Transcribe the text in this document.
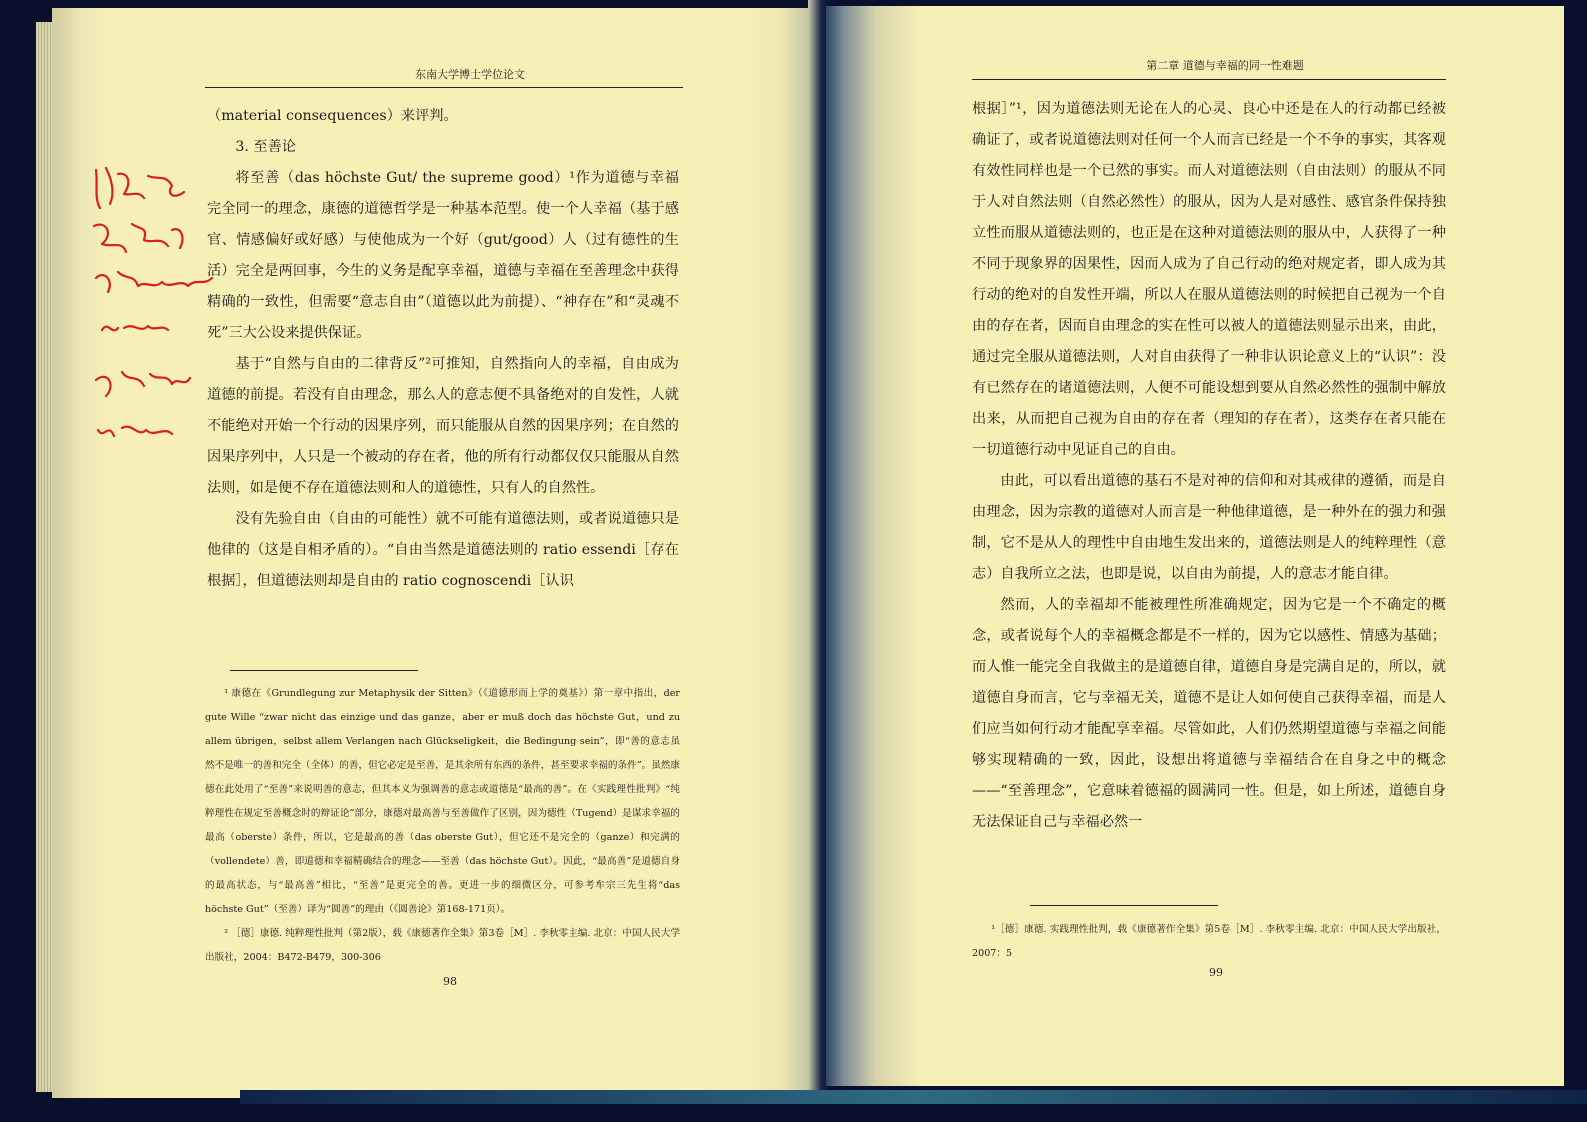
东南大学博士学位论文

（material consequences）来评判。

3. 至善论

将至善（das höchste Gut/ the supreme good）¹作为道德与幸福完全同一的理念，康德的道德哲学是一种基本范型。使一个人幸福（基于感官、情感偏好或好感）与使他成为一个好（gut/good）人（过有德性的生活）完全是两回事，今生的义务是配享幸福，道德与幸福在至善理念中获得精确的一致性，但需要“意志自由”（道德以此为前提）、“神存在”和“灵魂不死”三大公设来提供保证。

基于“自然与自由的二律背反”²可推知，自然指向人的幸福，自由成为道德的前提。若没有自由理念，那么人的意志便不具备绝对的自发性，人就不能绝对开始一个行动的因果序列，而只能服从自然的因果序列；在自然的因果序列中，人只是一个被动的存在者，他的所有行动都仅仅只能服从自然法则，如是便不存在道德法则和人的道德性，只有人的自然性。

没有先验自由（自由的可能性）就不可能有道德法则，或者说道德只是他律的（这是自相矛盾的）。“自由当然是道德法则的 ratio essendi［存在根据］，但道德法则却是自由的 ratio cognoscendi［认识

¹ 康德在《Grundlegung zur Metaphysik der Sitten》（《道德形而上学的奠基》）第一章中指出，der gute Wille “zwar nicht das einzige und das ganze，aber er muß doch das höchste Gut，und zu allem übrigen，selbst allem Verlangen nach Glückseligkeit，die Bedingung sein”，即“善的意志虽然不是唯一的善和完全（全体）的善，但它必定是至善，是其余所有东西的条件，甚至要求幸福的条件”。虽然康德在此处用了“至善”来说明善的意志，但其本义为强调善的意志或道德是“最高的善”。在《实践理性批判》“纯粹理性在规定至善概念时的辩证论”部分，康德对最高善与至善做作了区别，因为德性（Tugend）是谋求幸福的最高（oberste）条件，所以，它是最高的善（das oberste Gut），但它还不是完全的（ganze）和完满的（vollendete）善，即道德和幸福精确结合的理念——至善（das höchste Gut）。因此，“最高善”是道德自身的最高状态，与“最高善”相比，“至善”是更完全的善。更进一步的细微区分，可参考牟宗三先生将“das höchste Gut”（至善）译为“圆善”的理由（《圆善论》第168-171页）。

² ［德］康德. 纯粹理性批判（第2版），载《康德著作全集》第3卷［M］. 李秋零主编. 北京：中国人民大学出版社，2004：B472-B479，300-306

98
第二章 道德与幸福的同一性难题

根据］”¹，因为道德法则无论在人的心灵、良心中还是在人的行动都已经被确证了，或者说道德法则对任何一个人而言已经是一个不争的事实，其客观有效性同样也是一个已然的事实。而人对道德法则（自由法则）的服从不同于人对自然法则（自然必然性）的服从，因为人是对感性、感官条件保持独立性而服从道德法则的，也正是在这种对道德法则的服从中，人获得了一种不同于现象界的因果性，因而人成为了自己行动的绝对规定者，即人成为其行动的绝对的自发性开端，所以人在服从道德法则的时候把自己视为一个自由的存在者，因而自由理念的实在性可以被人的道德法则显示出来，由此，通过完全服从道德法则，人对自由获得了一种非认识论意义上的“认识”：没有已然存在的诸道德法则，人便不可能设想到要从自然必然性的强制中解放出来，从而把自己视为自由的存在者（理知的存在者），这类存在者只能在一切道德行动中见证自己的自由。

由此，可以看出道德的基石不是对神的信仰和对其戒律的遵循，而是自由理念，因为宗教的道德对人而言是一种他律道德，是一种外在的强力和强制，它不是从人的理性中自由地生发出来的，道德法则是人的纯粹理性（意志）自我所立之法，也即是说，以自由为前提，人的意志才能自律。

然而，人的幸福却不能被理性所准确规定，因为它是一个不确定的概念，或者说每个人的幸福概念都是不一样的，因为它以感性、情感为基础；而人惟一能完全自我做主的是道德自律，道德自身是完满自足的，所以，就道德自身而言，它与幸福无关，道德不是让人如何使自己获得幸福，而是人们应当如何行动才能配享幸福。尽管如此，人们仍然期望道德与幸福之间能够实现精确的一致，因此，设想出将道德与幸福结合在自身之中的概念——“至善理念”，它意味着德福的圆满同一性。但是，如上所述，道德自身无法保证自己与幸福必然一

¹［德］康德. 实践理性批判，载《康德著作全集》第5卷［M］. 李秋零主编. 北京：中国人民大学出版社，2007：5

99
